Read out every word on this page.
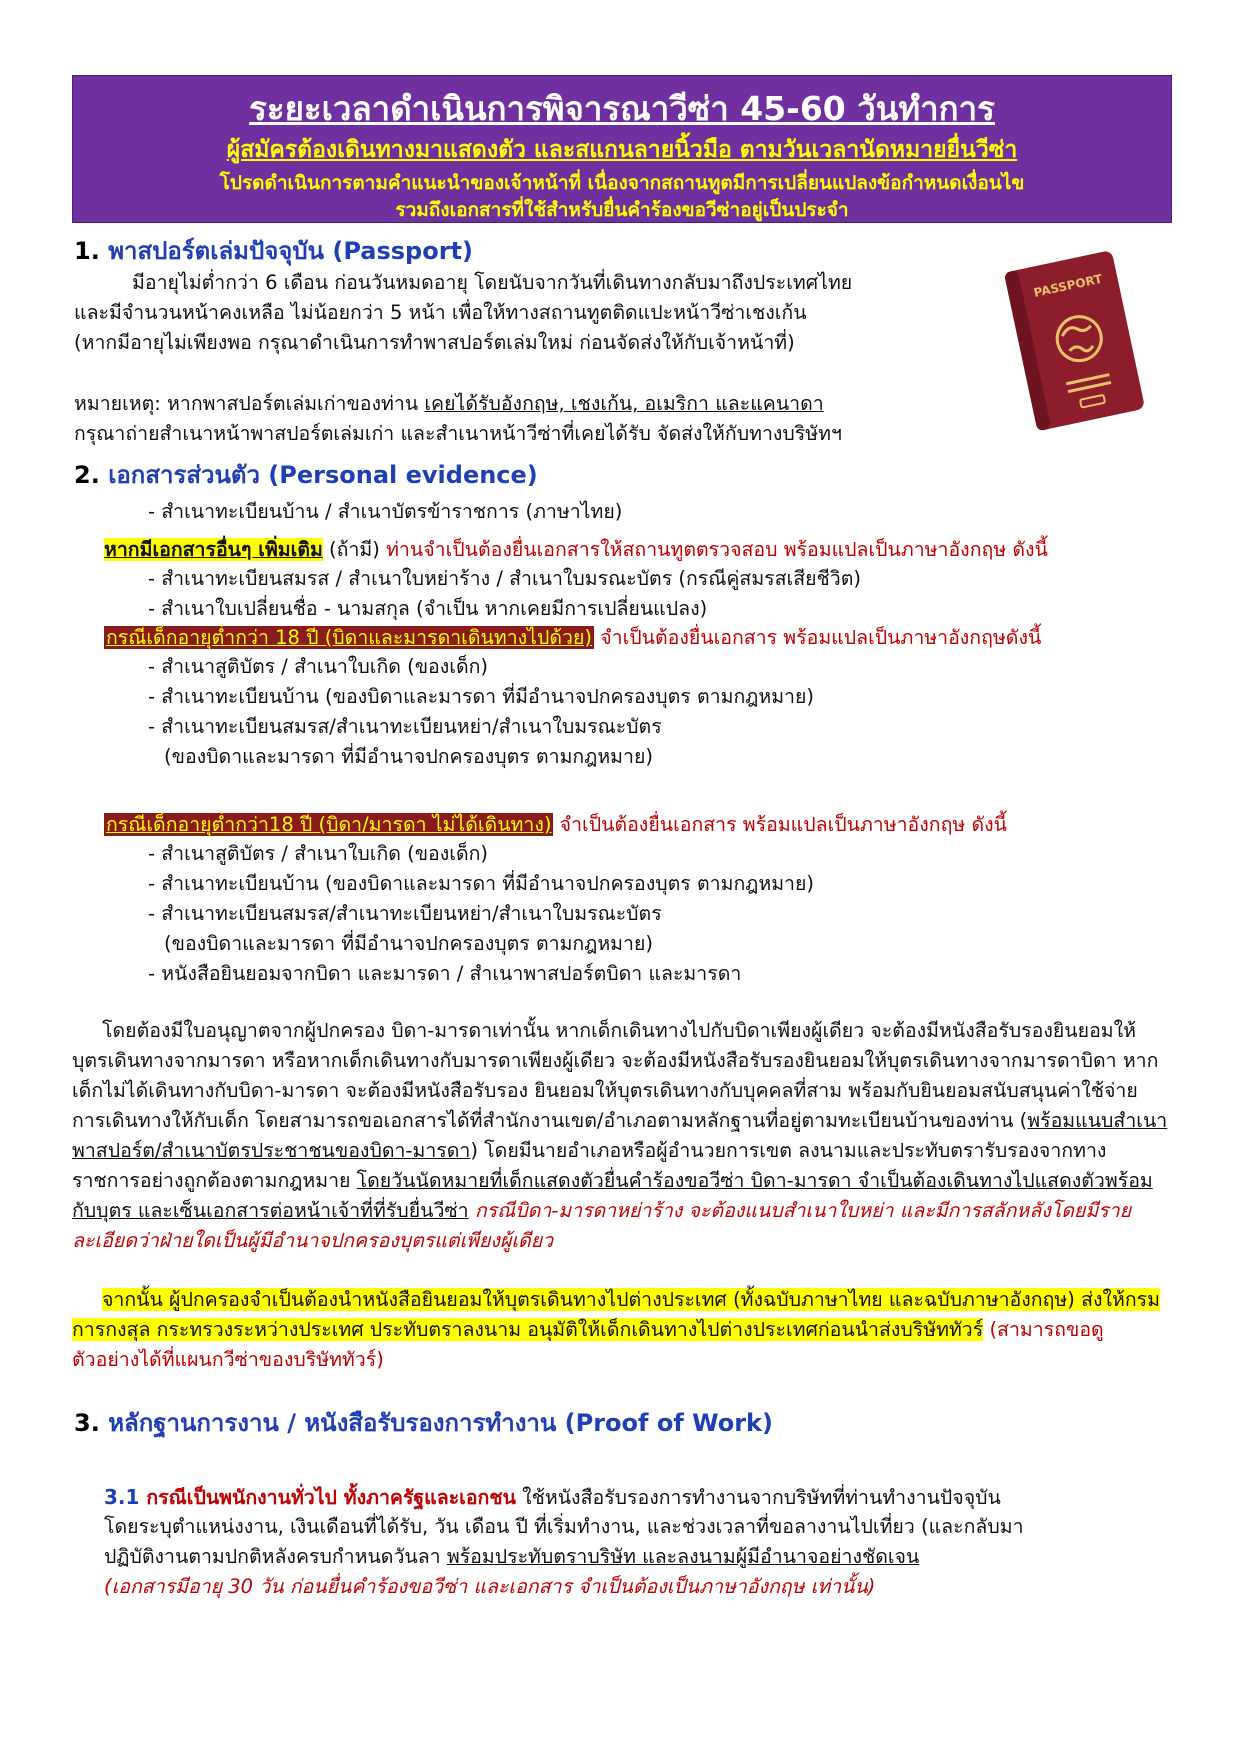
ระยะเวลาดำเนินการพิจารณาวีซ่า 45-60 วันทำการ
ผู้สมัครต้องเดินทางมาแสดงตัว และสแกนลายนิ้วมือ ตามวันเวลานัดหมายยื่นวีซ่า
โปรดดำเนินการตามคำแนะนำของเจ้าหน้าที่ เนื่องจากสถานทูตมีการเปลี่ยนแปลงข้อกำหนดเงื่อนไข
รวมถึงเอกสารที่ใช้สำหรับยื่นคำร้องขอวีซ่าอยู่เป็นประจำ
1. พาสปอร์ตเล่มปัจจุบัน (Passport)
มีอายุไม่ต่ำกว่า 6 เดือน ก่อนวันหมดอายุ โดยนับจากวันที่เดินทางกลับมาถึงประเทศไทย
และมีจำนวนหน้าคงเหลือ ไม่น้อยกว่า 5 หน้า เพื่อให้ทางสถานทูตติดแปะหน้าวีซ่าเชงเก้น
(หากมีอายุไม่เพียงพอ กรุณาดำเนินการทำพาสปอร์ตเล่มใหม่ ก่อนจัดส่งให้กับเจ้าหน้าที่)
หมายเหตุ: หากพาสปอร์ตเล่มเก่าของท่าน เคยได้รับอังกฤษ, เชงเก้น, อเมริกา และแคนาดา
กรุณาถ่ายสำเนาหน้าพาสปอร์ตเล่มเก่า และสำเนาหน้าวีซ่าที่เคยได้รับ จัดส่งให้กับทางบริษัทฯ
PASSPORT
2. เอกสารส่วนตัว (Personal evidence)
- สำเนาทะเบียนบ้าน / สำเนาบัตรข้าราชการ (ภาษาไทย)
หากมีเอกสารอื่นๆ เพิ่มเติม (ถ้ามี) ท่านจำเป็นต้องยื่นเอกสารให้สถานทูตตรวจสอบ พร้อมแปลเป็นภาษาอังกฤษ ดังนี้
- สำเนาทะเบียนสมรส / สำเนาใบหย่าร้าง / สำเนาใบมรณะบัตร (กรณีคู่สมรสเสียชีวิต)
- สำเนาใบเปลี่ยนชื่อ - นามสกุล (จำเป็น หากเคยมีการเปลี่ยนแปลง)
กรณีเด็กอายุต่ำกว่า 18 ปี (บิดาและมารดาเดินทางไปด้วย) จำเป็นต้องยื่นเอกสาร พร้อมแปลเป็นภาษาอังกฤษดังนี้
- สำเนาสูติบัตร / สำเนาใบเกิด (ของเด็ก)
- สำเนาทะเบียนบ้าน (ของบิดาและมารดา ที่มีอำนาจปกครองบุตร ตามกฎหมาย)
- สำเนาทะเบียนสมรส/สำเนาทะเบียนหย่า/สำเนาใบมรณะบัตร
(ของบิดาและมารดา ที่มีอำนาจปกครองบุตร ตามกฎหมาย)
กรณีเด็กอายุต่ำกว่า18 ปี (บิดา/มารดา ไม่ได้เดินทาง) จำเป็นต้องยื่นเอกสาร พร้อมแปลเป็นภาษาอังกฤษ ดังนี้
- สำเนาสูติบัตร / สำเนาใบเกิด (ของเด็ก)
- สำเนาทะเบียนบ้าน (ของบิดาและมารดา ที่มีอำนาจปกครองบุตร ตามกฎหมาย)
- สำเนาทะเบียนสมรส/สำเนาทะเบียนหย่า/สำเนาใบมรณะบัตร
(ของบิดาและมารดา ที่มีอำนาจปกครองบุตร ตามกฎหมาย)
- หนังสือยินยอมจากบิดา และมารดา / สำเนาพาสปอร์ตบิดา และมารดา
โดยต้องมีใบอนุญาตจากผู้ปกครอง บิดา-มารดาเท่านั้น หากเด็กเดินทางไปกับบิดาเพียงผู้เดียว จะต้องมีหนังสือรับรองยินยอมให้บุตรเดินทางจากมารดา หรือหากเด็กเดินทางกับมารดาเพียงผู้เดียว จะต้องมีหนังสือรับรองยินยอมให้บุตรเดินทางจากมารดาบิดา หากเด็กไม่ได้เดินทางกับบิดา-มารดา จะต้องมีหนังสือรับรอง ยินยอมให้บุตรเดินทางกับบุคคลที่สาม พร้อมกับยินยอมสนับสนุนค่าใช้จ่ายการเดินทางให้กับเด็ก โดยสามารถขอเอกสารได้ที่สำนักงานเขต/อำเภอตามหลักฐานที่อยู่ตามทะเบียนบ้านของท่าน (พร้อมแนบสำเนาพาสปอร์ต/สำเนาบัตรประชาชนของบิดา-มารดา) โดยมีนายอำเภอหรือผู้อำนวยการเขต ลงนามและประทับตรารับรองจากทางราชการอย่างถูกต้องตามกฎหมาย โดยวันนัดหมายที่เด็กแสดงตัวยื่นคำร้องขอวีซ่า บิดา-มารดา จำเป็นต้องเดินทางไปแสดงตัวพร้อมกับบุตร และเซ็นเอกสารต่อหน้าเจ้าที่ที่รับยื่นวีซ่า กรณีบิดา-มารดาหย่าร้าง จะต้องแนบสำเนาใบหย่า และมีการสลักหลังโดยมีรายละเอียดว่าฝ่ายใดเป็นผู้มีอำนาจปกครองบุตรแต่เพียงผู้เดียว
จากนั้น ผู้ปกครองจำเป็นต้องนำหนังสือยินยอมให้บุตรเดินทางไปต่างประเทศ (ทั้งฉบับภาษาไทย และฉบับภาษาอังกฤษ) ส่งให้กรมการกงสุล กระทรวงระหว่างประเทศ ประทับตราลงนาม อนุมัติให้เด็กเดินทางไปต่างประเทศก่อนนำส่งบริษัททัวร์ (สามารถขอดูตัวอย่างได้ที่แผนกวีซ่าของบริษัททัวร์)
3. หลักฐานการงาน / หนังสือรับรองการทำงาน (Proof of Work)
3.1 กรณีเป็นพนักงานทั่วไป ทั้งภาครัฐและเอกชน ใช้หนังสือรับรองการทำงานจากบริษัทที่ท่านทำงานปัจจุบัน
โดยระบุตำแหน่งงาน, เงินเดือนที่ได้รับ, วัน เดือน ปี ที่เริ่มทำงาน, และช่วงเวลาที่ขอลางานไปเที่ยว (และกลับมา
ปฏิบัติงานตามปกติหลังครบกำหนดวันลา พร้อมประทับตราบริษัท และลงนามผู้มีอำนาจอย่างชัดเจน
(เอกสารมีอายุ 30 วัน ก่อนยื่นคำร้องขอวีซ่า และเอกสาร จำเป็นต้องเป็นภาษาอังกฤษ เท่านั้น)
